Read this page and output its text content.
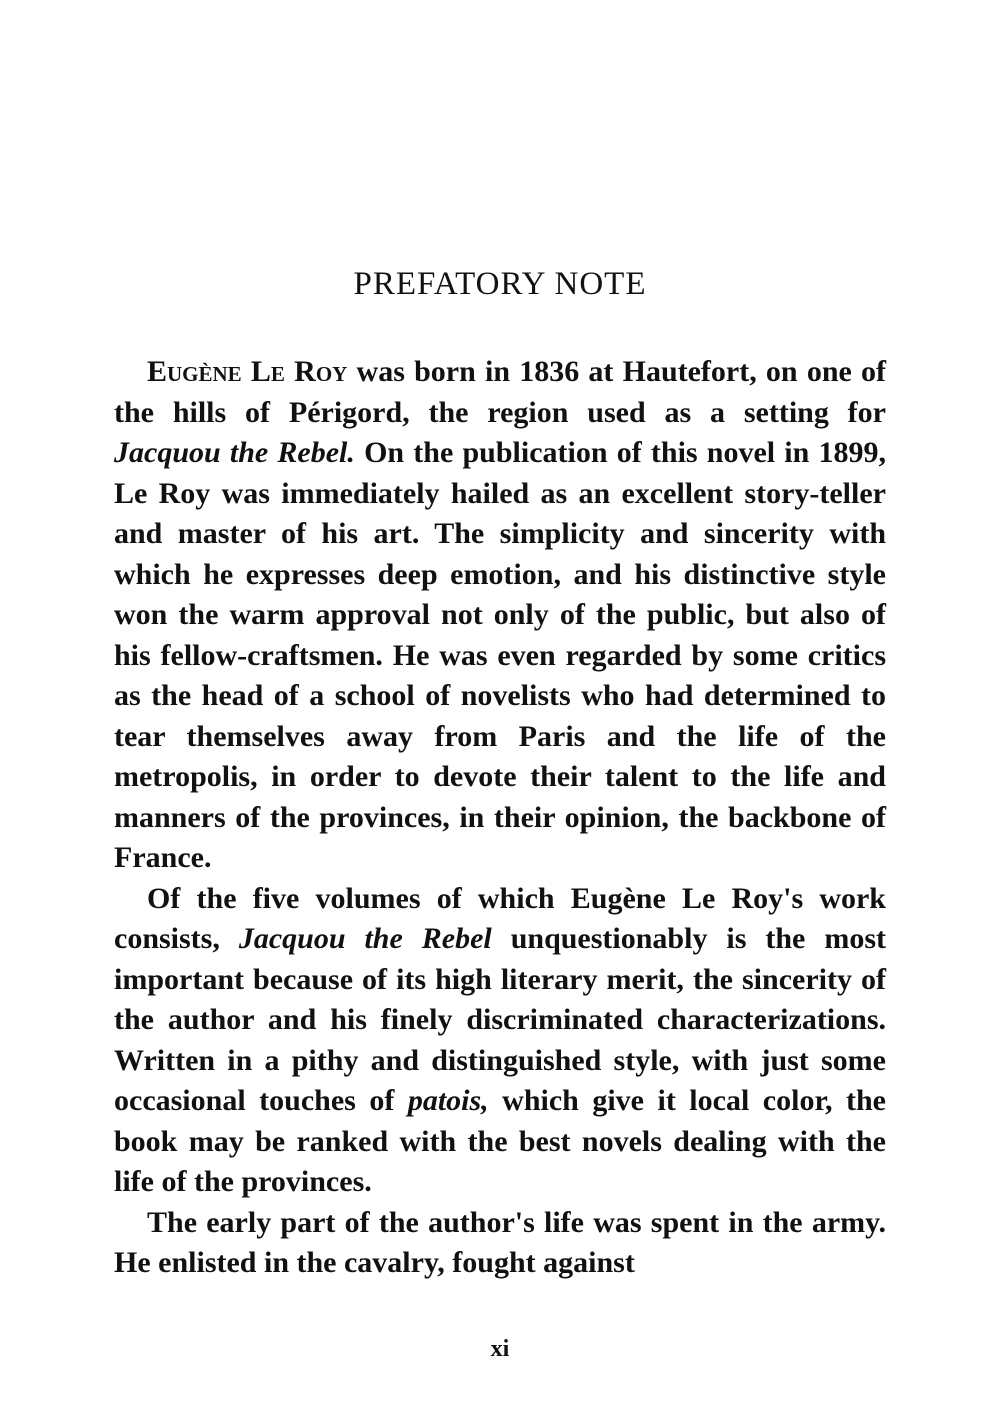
PREFATORY NOTE

Eugène Le Roy was born in 1836 at Hautefort, on one of the hills of Périgord, the region used as a setting for Jacquou the Rebel. On the publication of this novel in 1899, Le Roy was immediately hailed as an excellent story-teller and master of his art. The simplicity and sincerity with which he expresses deep emotion, and his distinctive style won the warm approval not only of the public, but also of his fellow-craftsmen. He was even regarded by some critics as the head of a school of novelists who had determined to tear themselves away from Paris and the life of the metropolis, in order to devote their talent to the life and manners of the provinces, in their opinion, the backbone of France.

Of the five volumes of which Eugène Le Roy's work consists, Jacquou the Rebel unquestionably is the most important because of its high literary merit, the sincerity of the author and his finely discriminated characterizations. Written in a pithy and distinguished style, with just some occasional touches of patois, which give it local color, the book may be ranked with the best novels dealing with the life of the provinces.

The early part of the author's life was spent in the army. He enlisted in the cavalry, fought against

xi
